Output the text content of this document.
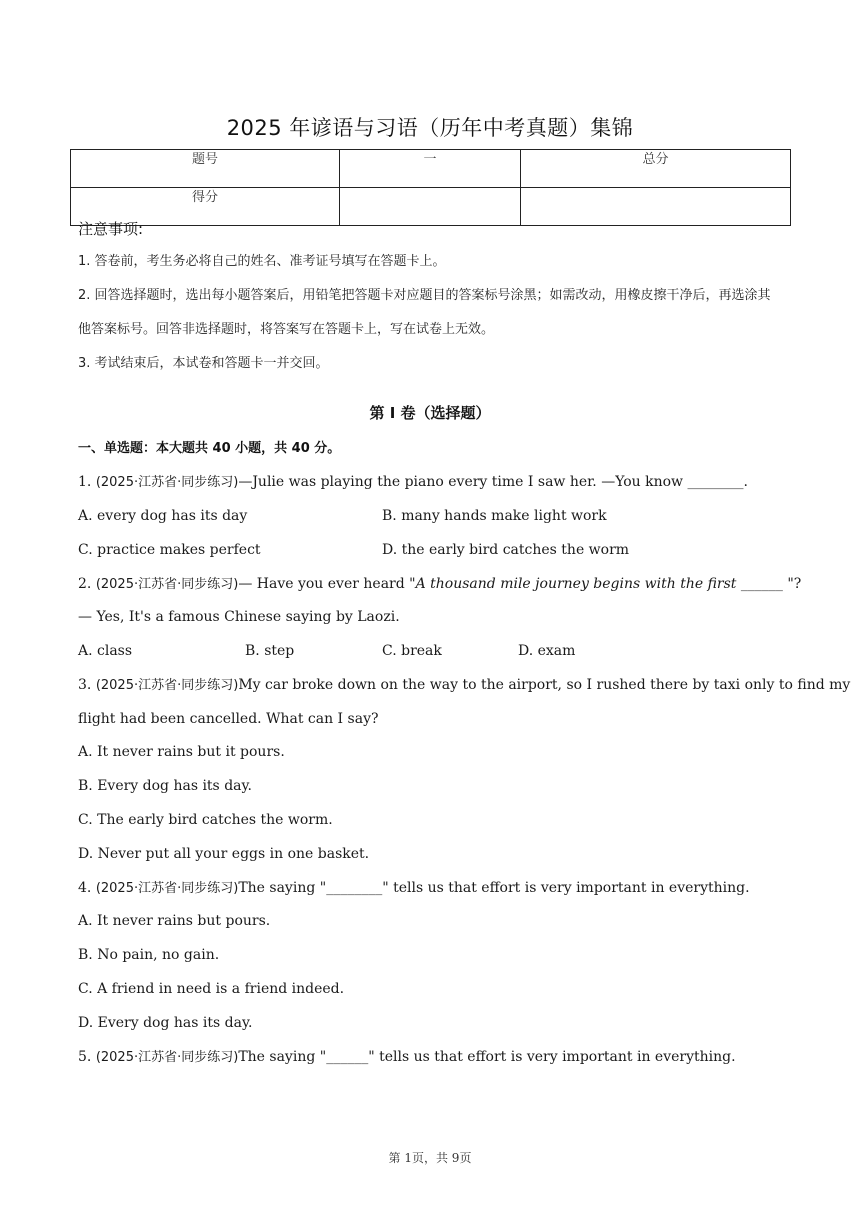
2025 年谚语与习语（历年中考真题）集锦
题号	一	总分
得分		
注意事项:
1. 答卷前，考生务必将自己的姓名、准考证号填写在答题卡上。
2. 回答选择题时，选出每小题答案后，用铅笔把答题卡对应题目的答案标号涂黑；如需改动，用橡皮擦干净后，再选涂其他答案标号。回答非选择题时，将答案写在答题卡上，写在试卷上无效。
3. 考试结束后，本试卷和答题卡一并交回。
第 I 卷（选择题）
一、单选题：本大题共 40 小题，共 40 分。
1. (2025·江苏省·同步练习)—Julie was playing the piano every time I saw her. —You know ________.
A. every dog has its day	B. many hands make light work
C. practice makes perfect	D. the early bird catches the worm
2. (2025·江苏省·同步练习)— Have you ever heard "A thousand mile journey begins with the first ______ "?
— Yes, It's a famous Chinese saying by Laozi.
A. class	B. step	C. break	D. exam
3. (2025·江苏省·同步练习)My car broke down on the way to the airport, so I rushed there by taxi only to find my
flight had been cancelled. What can I say?
A. It never rains but it pours.
B. Every dog has its day.
C. The early bird catches the worm.
D. Never put all your eggs in one basket.
4. (2025·江苏省·同步练习)The saying "________" tells us that effort is very important in everything.
A. It never rains but pours.
B. No pain, no gain.
C. A friend in need is a friend indeed.
D. Every dog has its day.
5. (2025·江苏省·同步练习)The saying "______" tells us that effort is very important in everything.
第 1页，共 9页
